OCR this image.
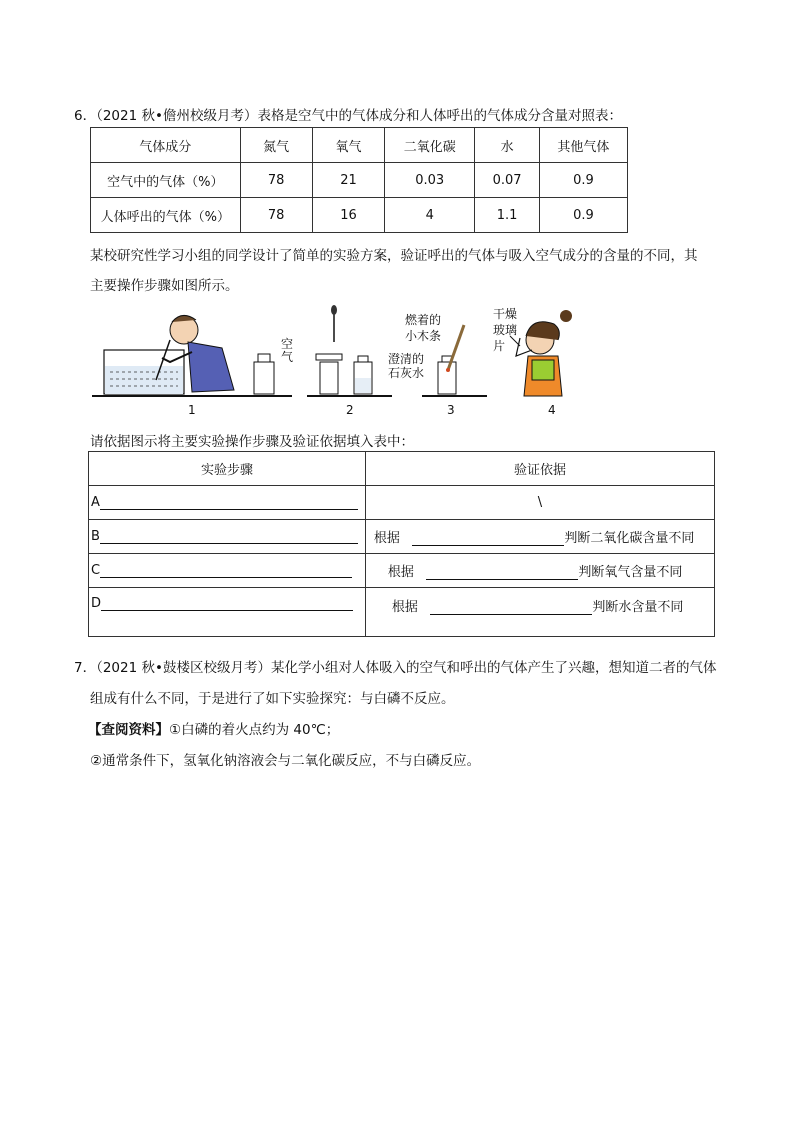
6．（2021 秋•儋州校级月考）表格是空气中的气体成分和人体呼出的气体成分含量对照表：
气体成分	氮气	氧气	二氧化碳	水	其他气体
空气中的气体（%）	78	21	0.03	0.07	0.9
人体呼出的气体（%）	78	16	4	1.1	0.9
某校研究性学习小组的同学设计了简单的实验方案，验证呼出的气体与吸入空气成分的含量的不同，其
主要操作步骤如图所示。
空气	澄清的石灰水
燃着的小木条
干燥玻璃片
1	2	3	4
请依据图示将主要实验操作步骤及验证依据填入表中：
实验步骤	验证依据
A	\
B	根据 判断二氧化碳含量不同
C	根据 判断氧气含量不同
D	根据 判断水含量不同
7．（2021 秋•鼓楼区校级月考）某化学小组对人体吸入的空气和呼出的气体产生了兴趣，想知道二者的气体
组成有什么不同，于是进行了如下实验探究：与白磷不反应。
【查阅资料】①白磷的着火点约为 40℃；
②通常条件下，氢氧化钠溶液会与二氧化碳反应，不与白磷反应。
